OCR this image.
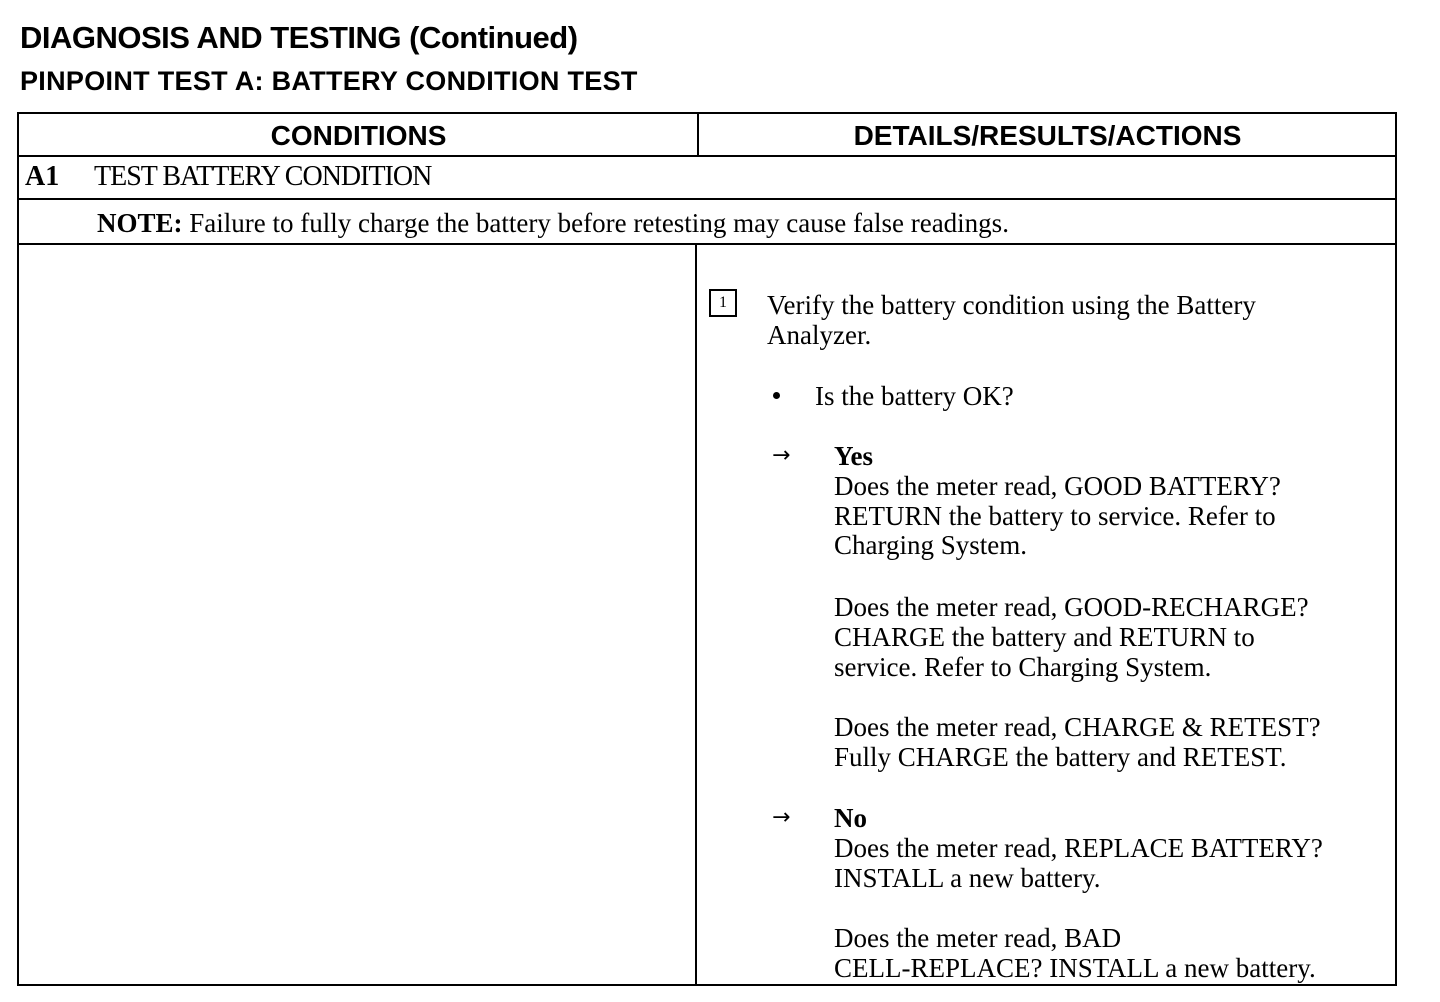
DIAGNOSIS AND TESTING (Continued)
PINPOINT TEST A: BATTERY CONDITION TEST
CONDITIONS	DETAILS/RESULTS/ACTIONS
A1 TEST BATTERY CONDITION
NOTE: Failure to fully charge the battery before retesting may cause false readings.
1	Verify the battery condition using the Battery
Analyzer.
Is the battery OK?
→ Yes
Does the meter read, GOOD BATTERY?
RETURN the battery to service. Refer to
Charging System.
Does the meter read, GOOD-RECHARGE?
CHARGE the battery and RETURN to
service. Refer to Charging System.
Does the meter read, CHARGE & RETEST?
Fully CHARGE the battery and RETEST.
→ No
Does the meter read, REPLACE BATTERY?
INSTALL a new battery.
Does the meter read, BAD
CELL-REPLACE? INSTALL a new battery.
